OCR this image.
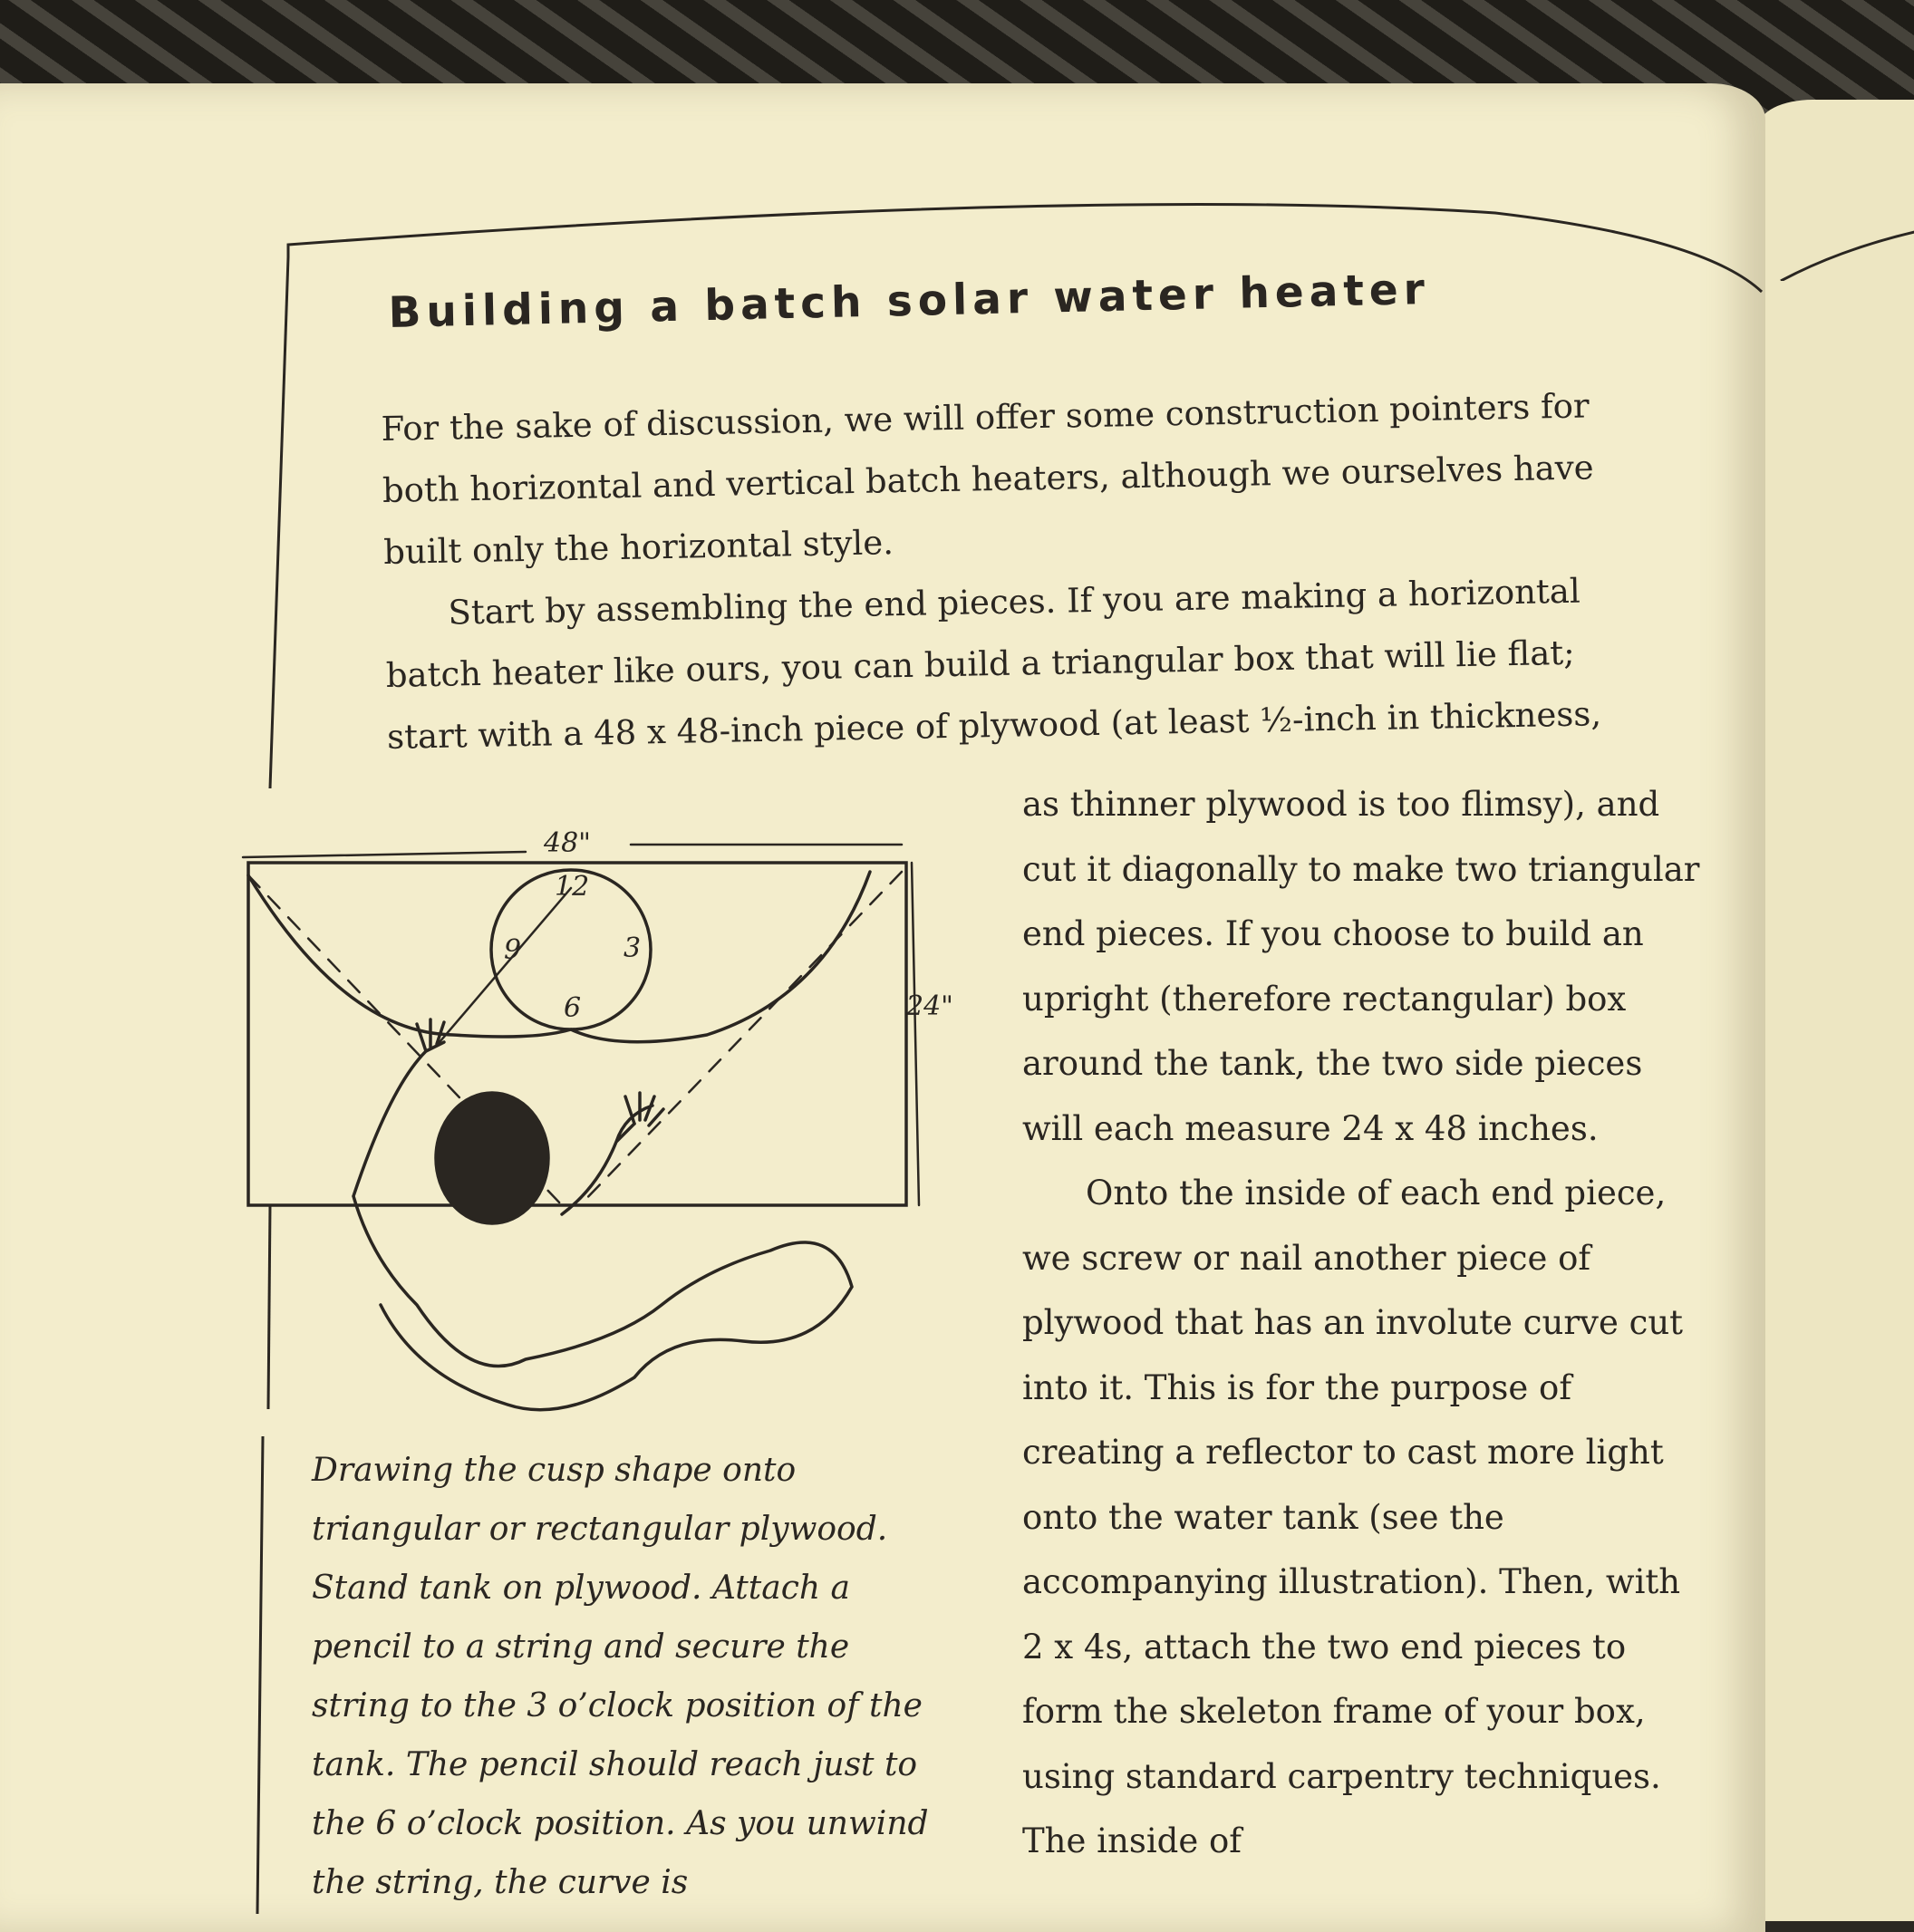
Building a batch solar water heater

For the sake of discussion, we will offer some construction pointers for both horizontal and vertical batch heaters, although we ourselves have built only the horizontal style.

Start by assembling the end pieces. If you are making a horizontal batch heater like ours, you can build a triangular box that will lie flat; start with a 48 x 48-inch piece of plywood (at least ½-inch in thickness,

48"
24"
12
3
6
9

as thinner plywood is too flimsy), and cut it diagonally to make two triangular end pieces. If you choose to build an upright (therefore rectangular) box around the tank, the two side pieces will each measure 24 x 48 inches.

Onto the inside of each end piece, we screw or nail another piece of plywood that has an involute curve cut into it. This is for the purpose of creating a reflector to cast more light onto the water tank (see the accompanying illustration). Then, with 2 x 4s, attach the two end pieces to form the skeleton frame of your box, using standard carpentry techniques. The inside of

Drawing the cusp shape onto triangular or rectangular plywood. Stand tank on plywood. Attach a pencil to a string and secure the string to the 3 o’clock position of the tank. The pencil should reach just to the 6 o’clock position. As you unwind the string, the curve is
